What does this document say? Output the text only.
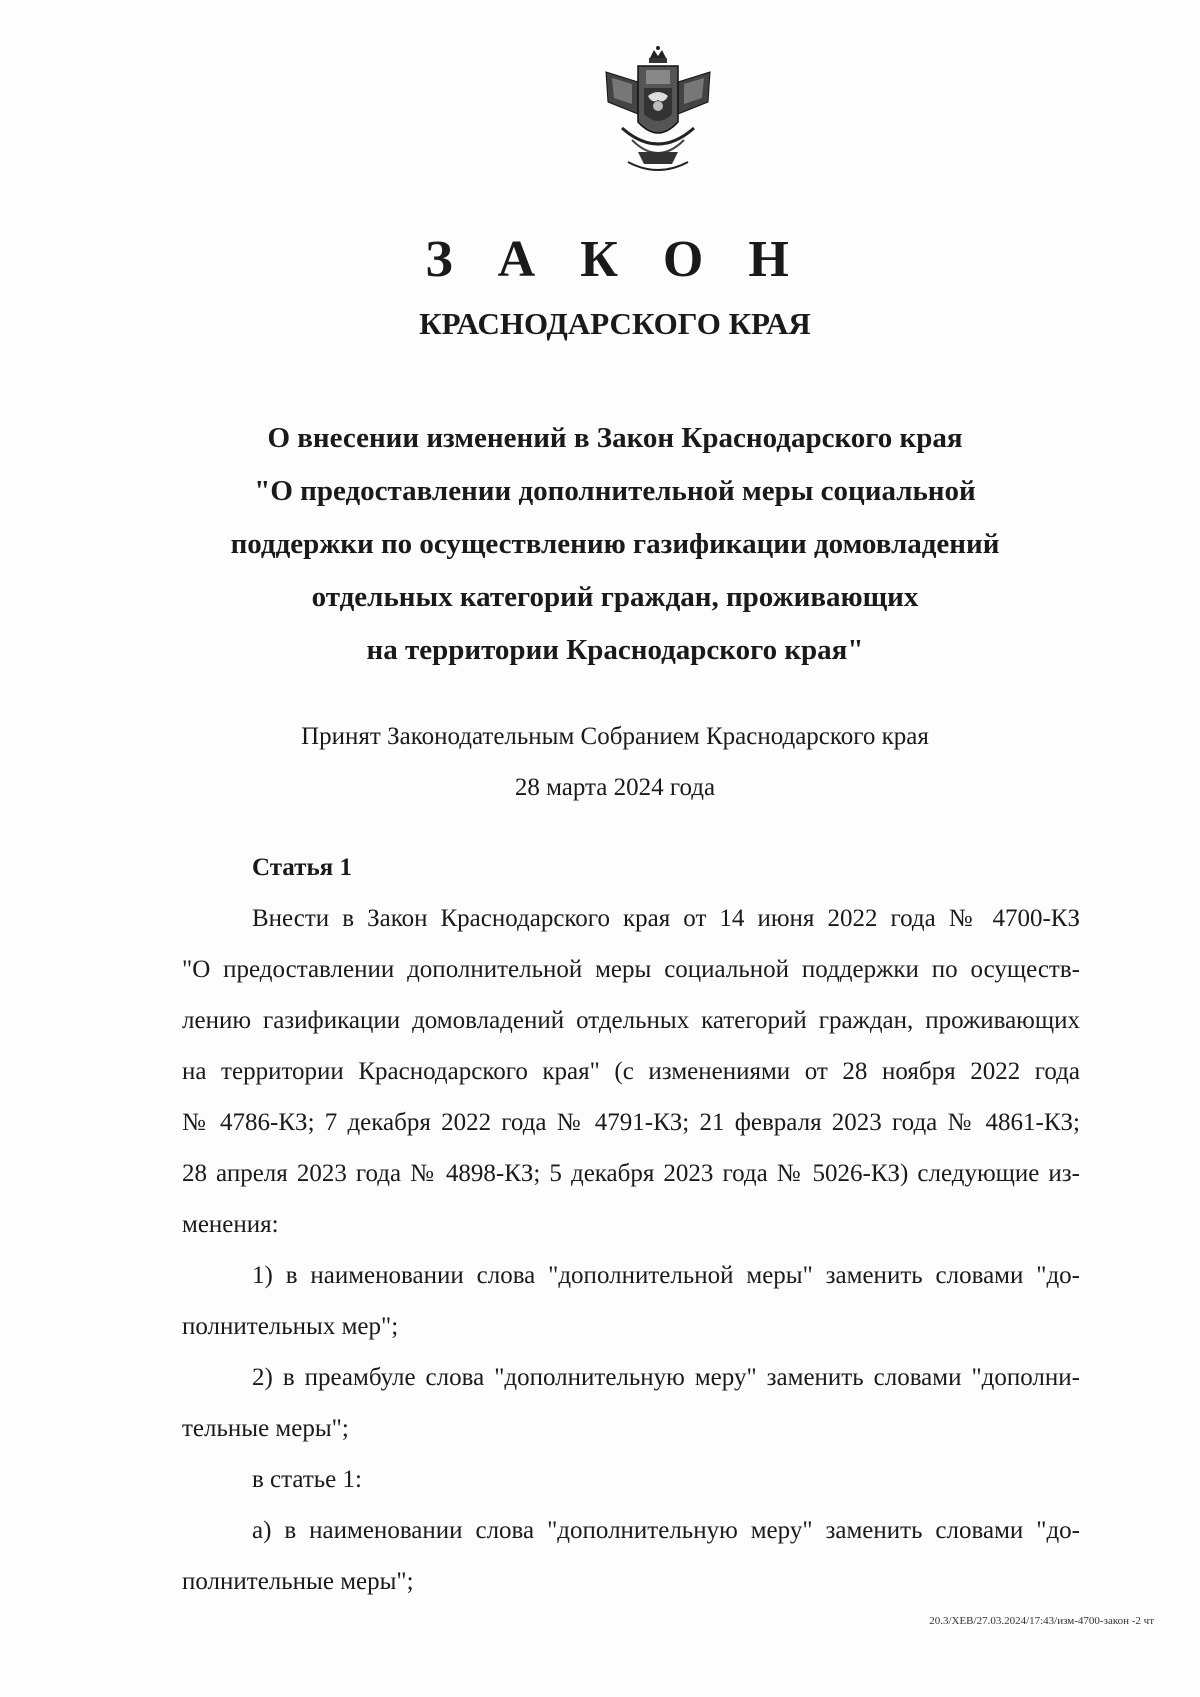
З А К О Н
КРАСНОДАРСКОГО КРАЯ
О внесении изменений в Закон Краснодарского края
"О предоставлении дополнительной меры социальной
поддержки по осуществлению газификации домовладений
отдельных категорий граждан, проживающих
на территории Краснодарского края"
Принят Законодательным Собранием Краснодарского края
28 марта 2024 года
Статья 1
Внести в Закон Краснодарского края от 14 июня 2022 года № 4700-КЗ
"О предоставлении дополнительной меры социальной поддержки по осуществ-
лению газификации домовладений отдельных категорий граждан, проживающих
на территории Краснодарского края" (с изменениями от 28 ноября 2022 года
№ 4786-КЗ; 7 декабря 2022 года № 4791-КЗ; 21 февраля 2023 года № 4861-КЗ;
28 апреля 2023 года № 4898-КЗ; 5 декабря 2023 года № 5026-КЗ) следующие из-
менения:
1) в наименовании слова "дополнительной меры" заменить словами "до-
полнительных мер";
2) в преамбуле слова "дополнительную меру" заменить словами "дополни-
тельные меры";
в статье 1:
а) в наименовании слова "дополнительную меру" заменить словами "до-
полнительные меры";
20.3/ХЕВ/27.03.2024/17:43/изм-4700-закон -2 чт
